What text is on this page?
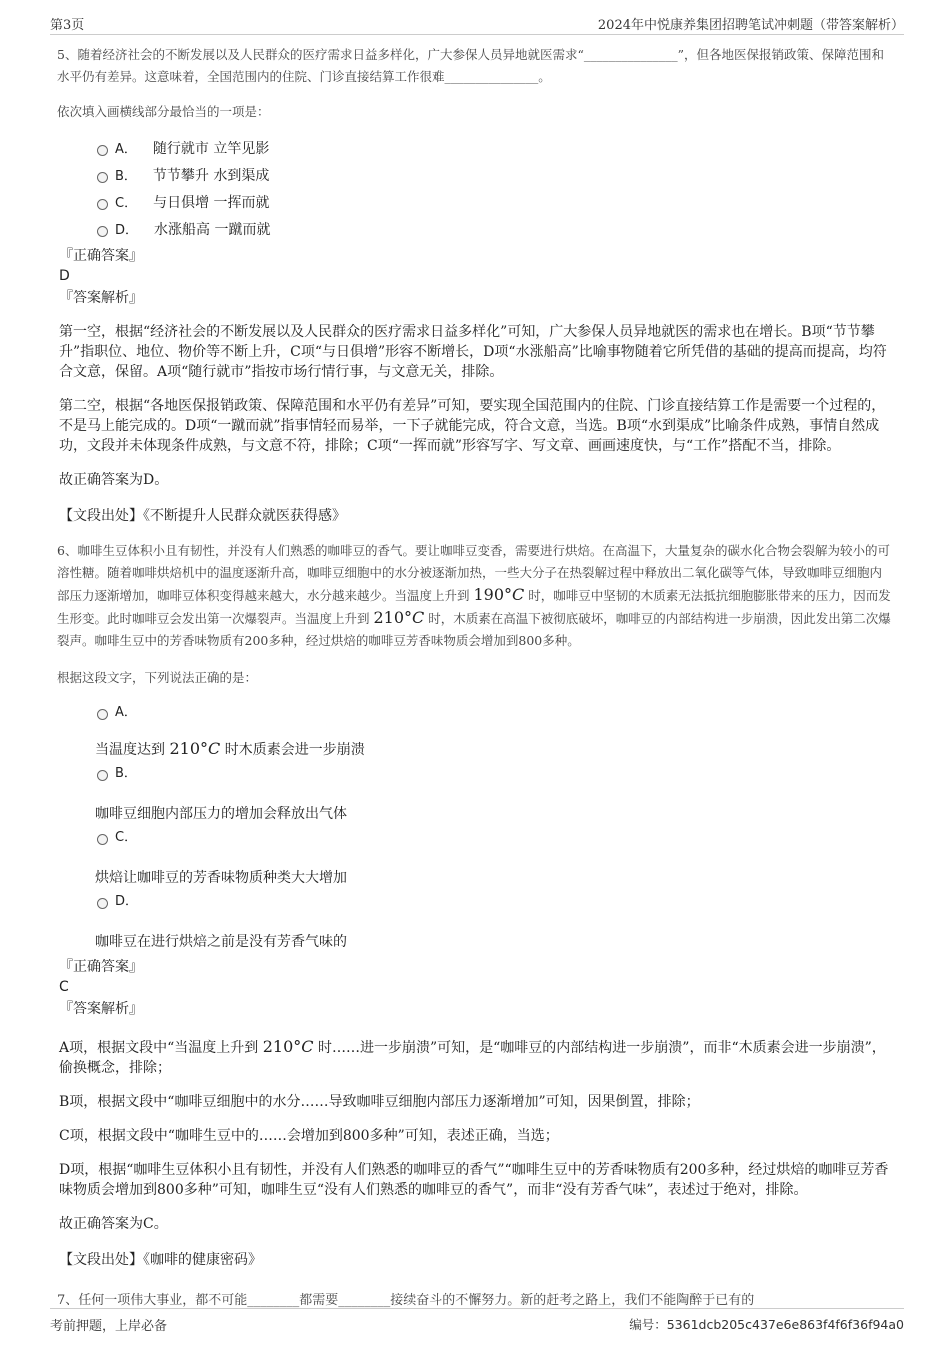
第3页	2024年中悦康养集团招聘笔试冲刺题（带答案解析）

5、随着经济社会的不断发展以及人民群众的医疗需求日益多样化，广大参保人员异地就医需求“_______________”，但各地医保报销政策、保障范围和水平仍有差异。这意味着，全国范围内的住院、门诊直接结算工作很难_______________。

依次填入画横线部分最恰当的一项是：
A． 随行就市 立竿见影
B． 节节攀升 水到渠成
C． 与日俱增 一挥而就
D． 水涨船高 一蹴而就
『正确答案』
D
『答案解析』
第一空，根据“经济社会的不断发展以及人民群众的医疗需求日益多样化”可知，广大参保人员异地就医的需求也在增长。B项“节节攀升”指职位、地位、物价等不断上升，C项“与日俱增”形容不断增长，D项“水涨船高”比喻事物随着它所凭借的基础的提高而提高，均符合文意，保留。A项“随行就市”指按市场行情行事，与文意无关，排除。
第二空，根据“各地医保报销政策、保障范围和水平仍有差异”可知，要实现全国范围内的住院、门诊直接结算工作是需要一个过程的，不是马上能完成的。D项“一蹴而就”指事情轻而易举，一下子就能完成，符合文意，当选。B项“水到渠成”比喻条件成熟，事情自然成功，文段并未体现条件成熟，与文意不符，排除；C项“一挥而就”形容写字、写文章、画画速度快，与“工作”搭配不当，排除。
故正确答案为D。
【文段出处】《不断提升人民群众就医获得感》

6、咖啡生豆体积小且有韧性，并没有人们熟悉的咖啡豆的香气。要让咖啡豆变香，需要进行烘焙。在高温下，大量复杂的碳水化合物会裂解为较小的可溶性糖。随着咖啡烘焙机中的温度逐渐升高，咖啡豆细胞中的水分被逐渐加热，一些大分子在热裂解过程中释放出二氧化碳等气体，导致咖啡豆细胞内部压力逐渐增加，咖啡豆体积变得越来越大，水分越来越少。当温度上升到 190°C 时，咖啡豆中坚韧的木质素无法抵抗细胞膨胀带来的压力，因而发生形变。此时咖啡豆会发出第一次爆裂声。当温度上升到 210°C 时，木质素在高温下被彻底破坏，咖啡豆的内部结构进一步崩溃，因此发出第二次爆裂声。咖啡生豆中的芳香味物质有200多种，经过烘焙的咖啡豆芳香味物质会增加到800多种。

根据这段文字，下列说法正确的是：
A．
当温度达到 210°C 时木质素会进一步崩溃
B．
咖啡豆细胞内部压力的增加会释放出气体
C．
烘焙让咖啡豆的芳香味物质种类大大增加
D．
咖啡豆在进行烘焙之前是没有芳香气味的
『正确答案』
C
『答案解析』
A项，根据文段中“当温度上升到 210°C 时……进一步崩溃”可知，是“咖啡豆的内部结构进一步崩溃”，而非“木质素会进一步崩溃”，偷换概念，排除；
B项，根据文段中“咖啡豆细胞中的水分……导致咖啡豆细胞内部压力逐渐增加”可知，因果倒置，排除；
C项，根据文段中“咖啡生豆中的……会增加到800多种”可知，表述正确，当选；
D项，根据“咖啡生豆体积小且有韧性，并没有人们熟悉的咖啡豆的香气”“咖啡生豆中的芳香味物质有200多种，经过烘焙的咖啡豆芳香味物质会增加到800多种”可知，咖啡生豆“没有人们熟悉的咖啡豆的香气”，而非“没有芳香气味”，表述过于绝对，排除。
故正确答案为C。
【文段出处】《咖啡的健康密码》
7、任何一项伟大事业，都不可能________都需要________接续奋斗的不懈努力。新的赶考之路上，我们不能陶醉于已有的
考前押题，上岸必备	编号：5361dcb205c437e6e863f4f6f36f94a0
